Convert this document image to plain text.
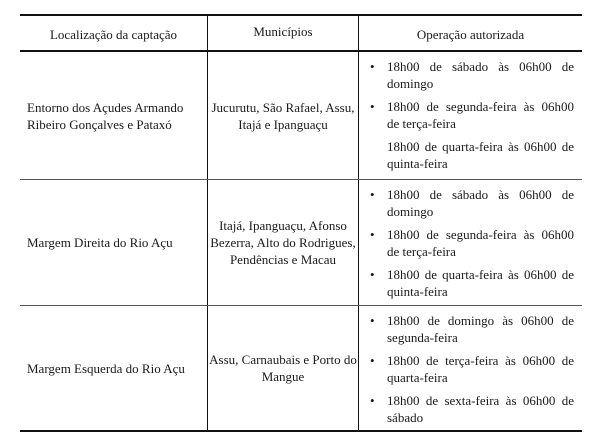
Localização da captação	Municípios	Operação autorizada
Entorno dos Açudes Armando Ribeiro Gonçalves e Pataxó
Jucurutu, São Rafael, Assu, Itajá e Ipanguaçu
• 18h00 de sábado às 06h00 de domingo
• 18h00 de segunda-feira às 06h00 de terça-feira
18h00 de quarta-feira às 06h00 de quinta-feira
Margem Direita do Rio Açu
Itajá, Ipanguaçu, Afonso Bezerra, Alto do Rodrigues, Pendências e Macau
• 18h00 de sábado às 06h00 de domingo
• 18h00 de segunda-feira às 06h00 de terça-feira
• 18h00 de quarta-feira às 06h00 de quinta-feira
Margem Esquerda do Rio Açu
Assu, Carnaubais e Porto do Mangue
• 18h00 de domingo às 06h00 de segunda-feira
• 18h00 de terça-feira às 06h00 de quarta-feira
• 18h00 de sexta-feira às 06h00 de sábado
